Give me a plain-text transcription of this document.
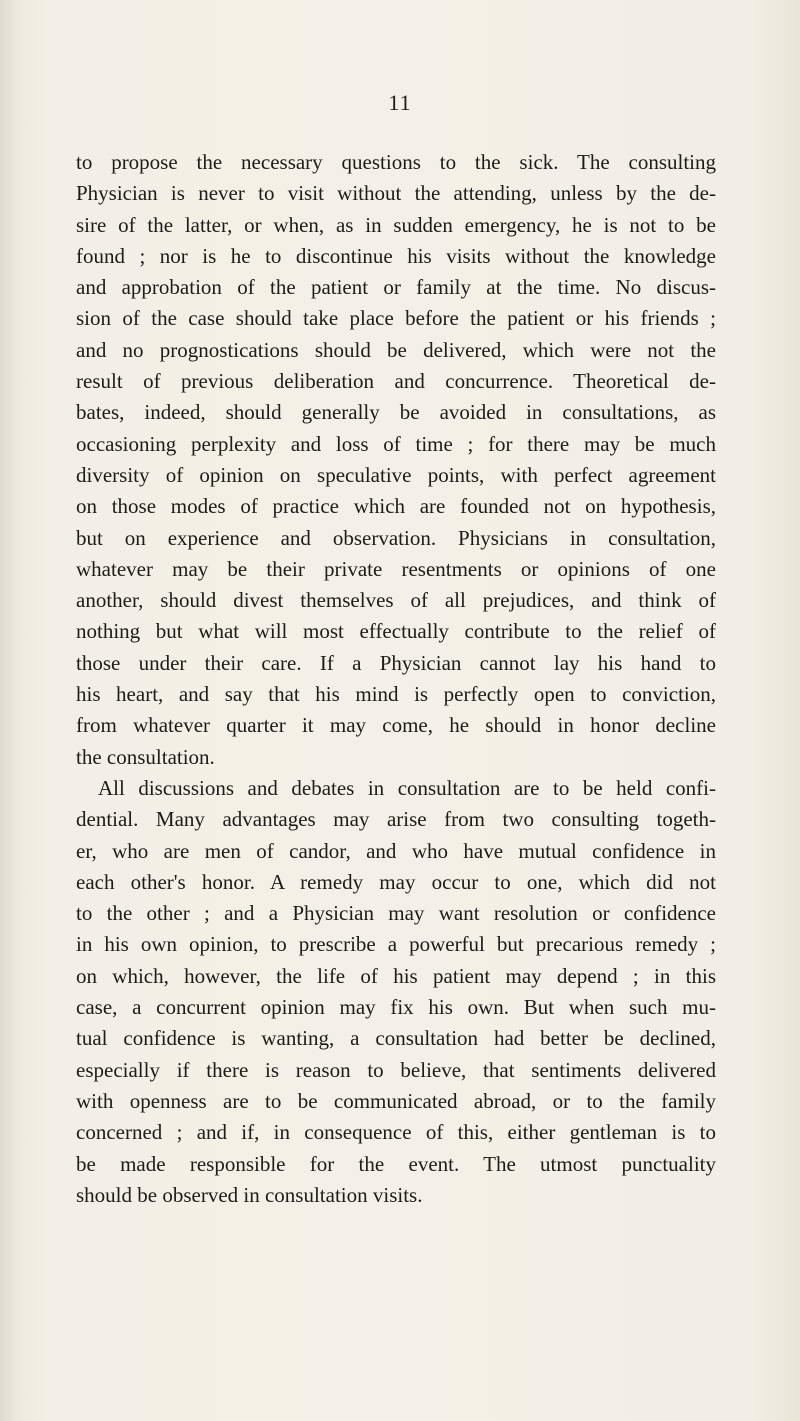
11
to propose the necessary questions to the sick. The consulting
Physician is never to visit without the attending, unless by the de-
sire of the latter, or when, as in sudden emergency, he is not to be
found ; nor is he to discontinue his visits without the knowledge
and approbation of the patient or family at the time. No discus-
sion of the case should take place before the patient or his friends ;
and no prognostications should be delivered, which were not the
result of previous deliberation and concurrence. Theoretical de-
bates, indeed, should generally be avoided in consultations, as
occasioning perplexity and loss of time ; for there may be much
diversity of opinion on speculative points, with perfect agreement
on those modes of practice which are founded not on hypothesis,
but on experience and observation. Physicians in consultation,
whatever may be their private resentments or opinions of one
another, should divest themselves of all prejudices, and think of
nothing but what will most effectually contribute to the relief of
those under their care. If a Physician cannot lay his hand to
his heart, and say that his mind is perfectly open to conviction,
from whatever quarter it may come, he should in honor decline
the consultation.
All discussions and debates in consultation are to be held confi-
dential. Many advantages may arise from two consulting togeth-
er, who are men of candor, and who have mutual confidence in
each other's honor. A remedy may occur to one, which did not
to the other ; and a Physician may want resolution or confidence
in his own opinion, to prescribe a powerful but precarious remedy ;
on which, however, the life of his patient may depend ; in this
case, a concurrent opinion may fix his own. But when such mu-
tual confidence is wanting, a consultation had better be declined,
especially if there is reason to believe, that sentiments delivered
with openness are to be communicated abroad, or to the family
concerned ; and if, in consequence of this, either gentleman is to
be made responsible for the event. The utmost punctuality
should be observed in consultation visits.
